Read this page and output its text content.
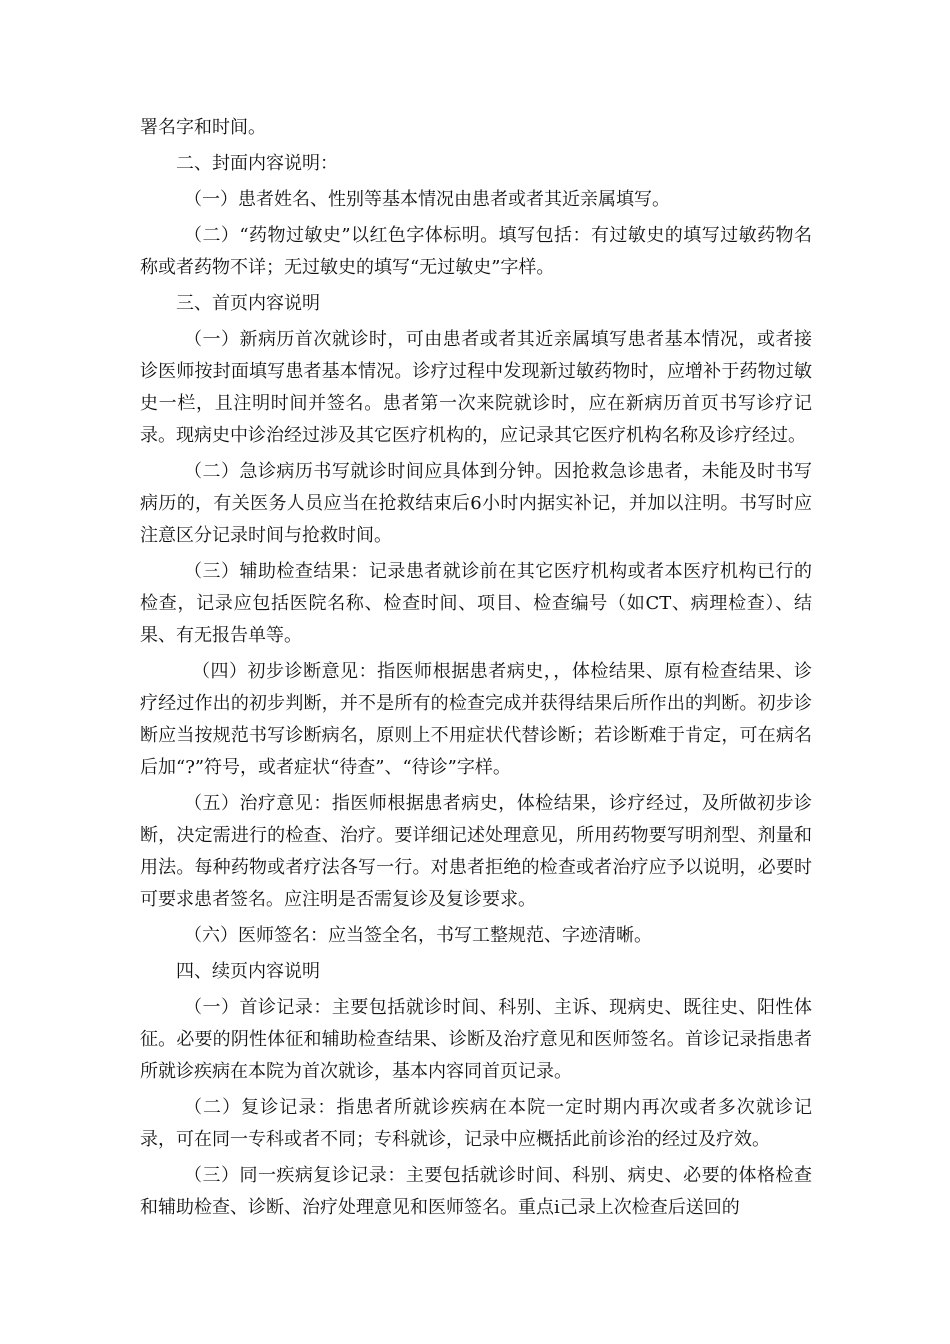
署名字和时间。

二、封面内容说明：

（一）患者姓名、性别等基本情况由患者或者其近亲属填写。

（二）“药物过敏史”以红色字体标明。填写包括：有过敏史的填写过敏药物名称或者药物不详；无过敏史的填写“无过敏史”字样。

三、首页内容说明

（一）新病历首次就诊时，可由患者或者其近亲属填写患者基本情况，或者接诊医师按封面填写患者基本情况。诊疗过程中发现新过敏药物时，应增补于药物过敏史一栏，且注明时间并签名。患者第一次来院就诊时，应在新病历首页书写诊疗记录。现病史中诊治经过涉及其它医疗机构的，应记录其它医疗机构名称及诊疗经过。

（二）急诊病历书写就诊时间应具体到分钟。因抢救急诊患者，未能及时书写病历的，有关医务人员应当在抢救结束后6小时内据实补记，并加以注明。书写时应注意区分记录时间与抢救时间。

（三）辅助检查结果：记录患者就诊前在其它医疗机构或者本医疗机构已行的检查，记录应包括医院名称、检查时间、项目、检查编号（如CT、病理检查）、结果、有无报告单等。

（四）初步诊断意见：指医师根据患者病史，，体检结果、原有检查结果、诊疗经过作出的初步判断，并不是所有的检查完成并获得结果后所作出的判断。初步诊断应当按规范书写诊断病名，原则上不用症状代替诊断；若诊断难于肯定，可在病名后加“?”符号，或者症状“待查”、“待诊”字样。

（五）治疗意见：指医师根据患者病史，体检结果，诊疗经过，及所做初步诊断，决定需进行的检查、治疗。要详细记述处理意见，所用药物要写明剂型、剂量和用法。每种药物或者疗法各写一行。对患者拒绝的检查或者治疗应予以说明，必要时可要求患者签名。应注明是否需复诊及复诊要求。

（六）医师签名：应当签全名，书写工整规范、字迹清晰。

四、续页内容说明

（一）首诊记录：主要包括就诊时间、科别、主诉、现病史、既往史、阳性体征。必要的阴性体征和辅助检查结果、诊断及治疗意见和医师签名。首诊记录指患者所就诊疾病在本院为首次就诊，基本内容同首页记录。

（二）复诊记录：指患者所就诊疾病在本院一定时期内再次或者多次就诊记录，可在同一专科或者不同；专科就诊，记录中应概括此前诊治的经过及疗效。

（三）同一疾病复诊记录：主要包括就诊时间、科别、病史、必要的体格检查和辅助检查、诊断、治疗处理意见和医师签名。重点i己录上次检查后送回的
